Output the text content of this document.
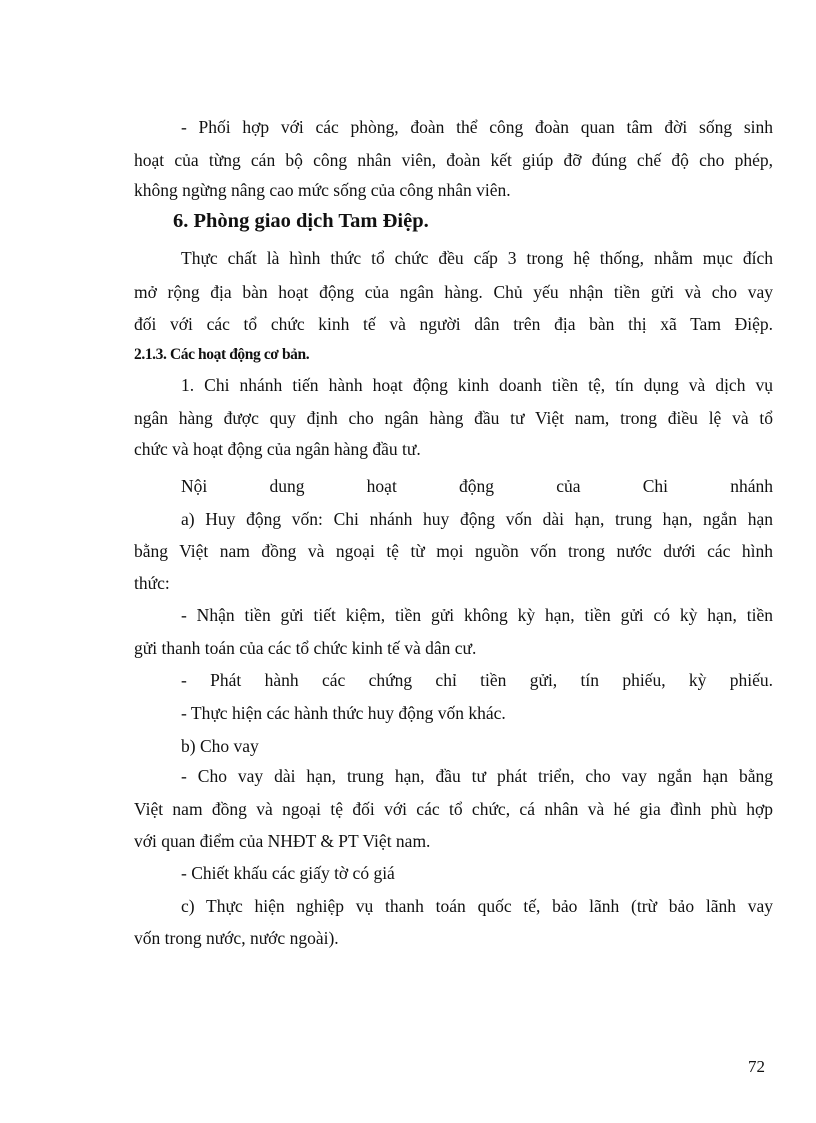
- Phối hợp với các phòng, đoàn thể công đoàn quan tâm đời sống sinh
hoạt của từng cán bộ công nhân viên, đoàn kết giúp đỡ đúng chế độ cho phép,
không ngừng nâng cao mức sống của công nhân viên.
6. Phòng giao dịch Tam Điệp.
Thực chất là hình thức tổ chức đều cấp 3 trong hệ thống, nhằm mục đích
mở rộng địa bàn hoạt động của ngân hàng. Chủ yếu nhận tiền gửi và cho vay
đối với các tổ chức kinh tế và người dân trên địa bàn thị xã Tam Điệp.
2.1.3. Các hoạt động cơ bản.
1. Chi nhánh tiến hành hoạt động kinh doanh tiền tệ, tín dụng và dịch vụ
ngân hàng được quy định cho ngân hàng đầu tư Việt nam, trong điều lệ và tổ
chức và hoạt động của ngân hàng đầu tư.
Nội dung hoạt động của Chi nhánh
a) Huy động vốn: Chi nhánh huy động vốn dài hạn, trung hạn, ngắn hạn
bằng Việt nam đồng và ngoại tệ từ mọi nguồn vốn trong nước dưới các hình
thức:
- Nhận tiền gửi tiết kiệm, tiền gửi không kỳ hạn, tiền gửi có kỳ hạn, tiền
gửi thanh toán của các tổ chức kinh tế và dân cư.
- Phát hành các chứng chỉ tiền gửi, tín phiếu, kỳ phiếu.
- Thực hiện các hành thức huy động vốn khác.
b) Cho vay
- Cho vay dài hạn, trung hạn, đầu tư phát triển, cho vay ngắn hạn bằng
Việt nam đồng và ngoại tệ đối với các tổ chức, cá nhân và hé gia đình phù hợp
với quan điểm của NHĐT & PT Việt nam.
- Chiết khấu các giấy tờ có giá
c) Thực hiện nghiệp vụ thanh toán quốc tế, bảo lãnh (trừ bảo lãnh vay
vốn trong nước, nước ngoài).
72
